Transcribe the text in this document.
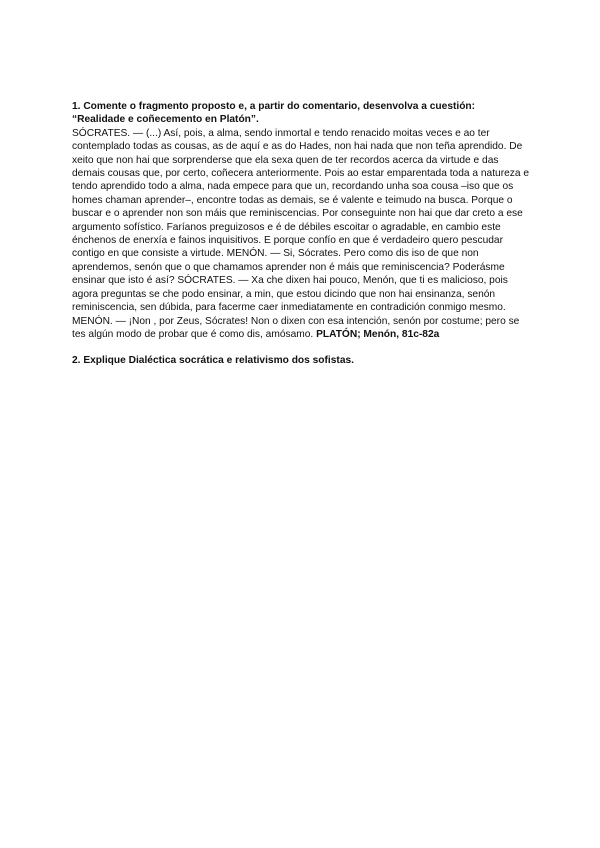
1. Comente o fragmento proposto e, a partir do comentario, desenvolva a cuestión:
“Realidade e coñecemento en Platón”.

SÓCRATES. — (...) Así, pois, a alma, sendo inmortal e tendo renacido moitas veces e ao ter contemplado todas as cousas, as de aquí e as do Hades, non hai nada que non teña aprendido. De xeito que non hai que sorprenderse que ela sexa quen de ter recordos acerca da virtude e das demais cousas que, por certo, coñecera anteriormente. Pois ao estar emparentada toda a natureza e tendo aprendido todo a alma, nada empece para que un, recordando unha soa cousa –iso que os homes chaman aprender–, encontre todas as demais, se é valente e teimudo na busca. Porque o buscar e o aprender non son máis que reminiscencias. Por conseguinte non hai que dar creto a ese argumento sofístico. Faríanos preguizosos e é de débiles escoitar o agradable, en cambio este énchenos de enerxía e fainos inquisitivos. E porque confío en que é verdadeiro quero pescudar contigo en que consiste a virtude. MENÓN. — Si, Sócrates. Pero como dis iso de que non aprendemos, senón que o que chamamos aprender non é máis que reminiscencia? Poderásme ensinar que isto é así? SÓCRATES. — Xa che dixen hai pouco, Menón, que ti es malicioso, pois agora preguntas se che podo ensinar, a min, que estou dicindo que non hai ensinanza, senón reminiscencia, sen dúbida, para facerme caer inmediatamente en contradición conmigo mesmo. MENÓN. — ¡Non , por Zeus, Sócrates! Non o dixen con esa intención, senón por costume; pero se tes algún modo de probar que é como dis, amósamo. PLATÓN; Menón, 81c-82a

2. Explique Dialéctica socrática e relativismo dos sofistas.
